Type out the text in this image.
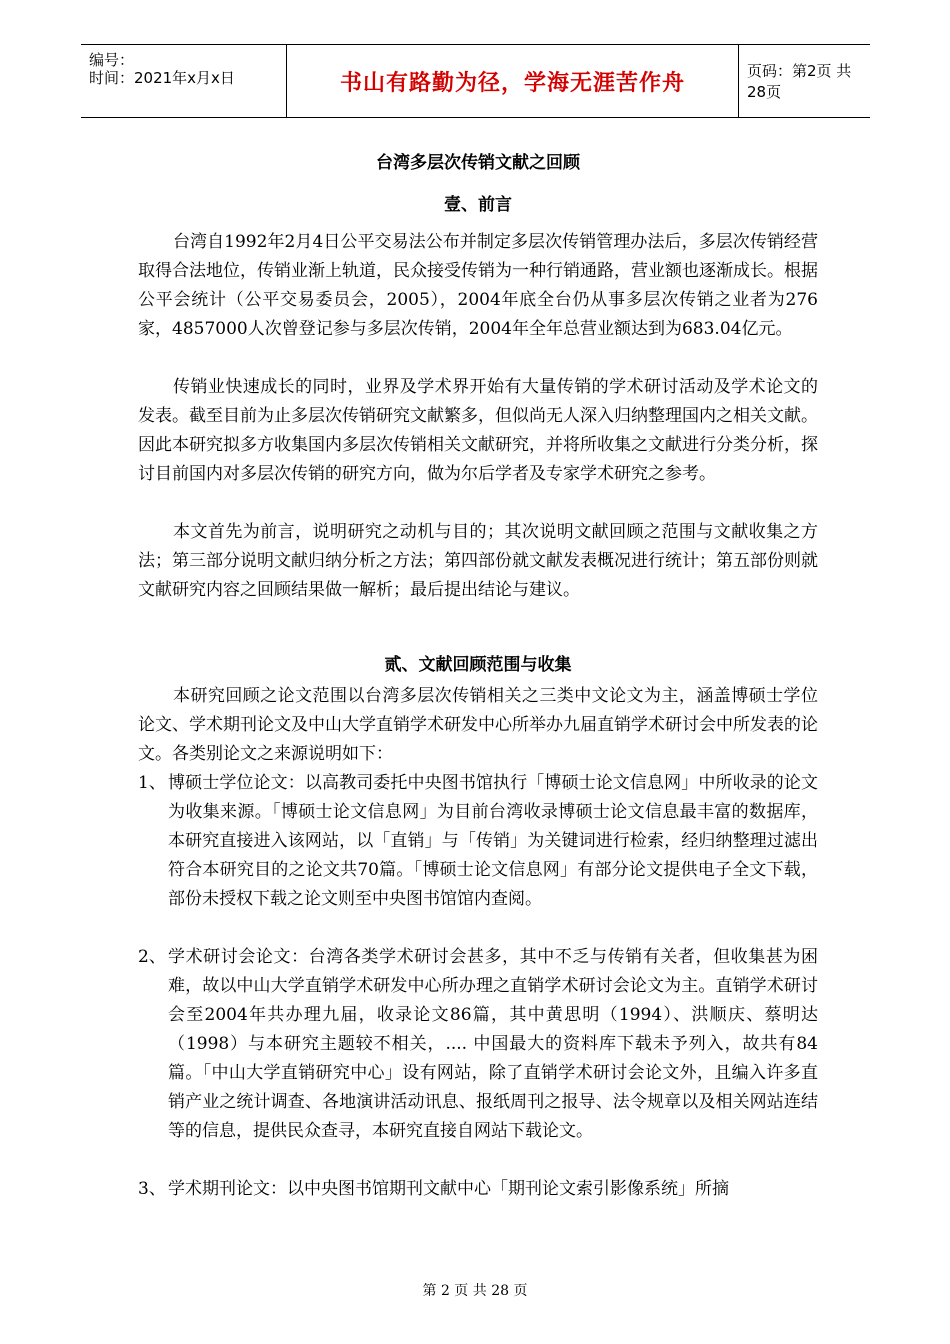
编号：
时间：2021年x月x日	书山有路勤为径，学海无涯苦作舟	页码：第2页 共28页
台湾多层次传销文献之回顾
壹、前言
台湾自1992年2月4日公平交易法公布并制定多层次传销管理办法后，多层次传销经营取得合法地位，传销业渐上轨道，民众接受传销为一种行销通路，营业额也逐渐成长。根据公平会统计（公平交易委员会，2005），2004年底全台仍从事多层次传销之业者为276家，4857000人次曾登记参与多层次传销，2004年全年总营业额达到为683.04亿元。
传销业快速成长的同时，业界及学术界开始有大量传销的学术研讨活动及学术论文的发表。截至目前为止多层次传销研究文献繁多，但似尚无人深入归纳整理国内之相关文献。因此本研究拟多方收集国内多层次传销相关文献研究，并将所收集之文献进行分类分析，探讨目前国内对多层次传销的研究方向，做为尔后学者及专家学术研究之参考。
本文首先为前言，说明研究之动机与目的；其次说明文献回顾之范围与文献收集之方法；第三部分说明文献归纳分析之方法；第四部份就文献发表概况进行统计；第五部份则就文献研究内容之回顾结果做一解析；最后提出结论与建议。
贰、文献回顾范围与收集
本研究回顾之论文范围以台湾多层次传销相关之三类中文论文为主，涵盖博硕士学位论文、学术期刊论文及中山大学直销学术研发中心所举办九届直销学术研讨会中所发表的论文。各类别论文之来源说明如下：
1、 博硕士学位论文：以高教司委托中央图书馆执行「博硕士论文信息网」中所收录的论文为收集来源。「博硕士论文信息网」为目前台湾收录博硕士论文信息最丰富的数据库，本研究直接进入该网站，以「直销」与「传销」为关键词进行检索，经归纳整理过滤出符合本研究目的之论文共70篇。「博硕士论文信息网」有部分论文提供电子全文下载，部份未授权下载之论文则至中央图书馆馆内查阅。
2、 学术研讨会论文：台湾各类学术研讨会甚多，其中不乏与传销有关者，但收集甚为困难，故以中山大学直销学术研发中心所办理之直销学术研讨会论文为主。直销学术研讨会至2004年共办理九届，收录论文86篇，其中黄思明（1994）、洪顺庆、蔡明达（1998）与本研究主题较不相关，.... 中国最大的资料库下载未予列入，故共有84篇。「中山大学直销研究中心」设有网站，除了直销学术研讨会论文外，且编入许多直销产业之统计调查、各地演讲活动讯息、报纸周刊之报导、法令规章以及相关网站连结等的信息，提供民众查寻，本研究直接自网站下载论文。
3、 学术期刊论文：以中央图书馆期刊文献中心「期刊论文索引影像系统」所摘
第 2 页 共 28 页
